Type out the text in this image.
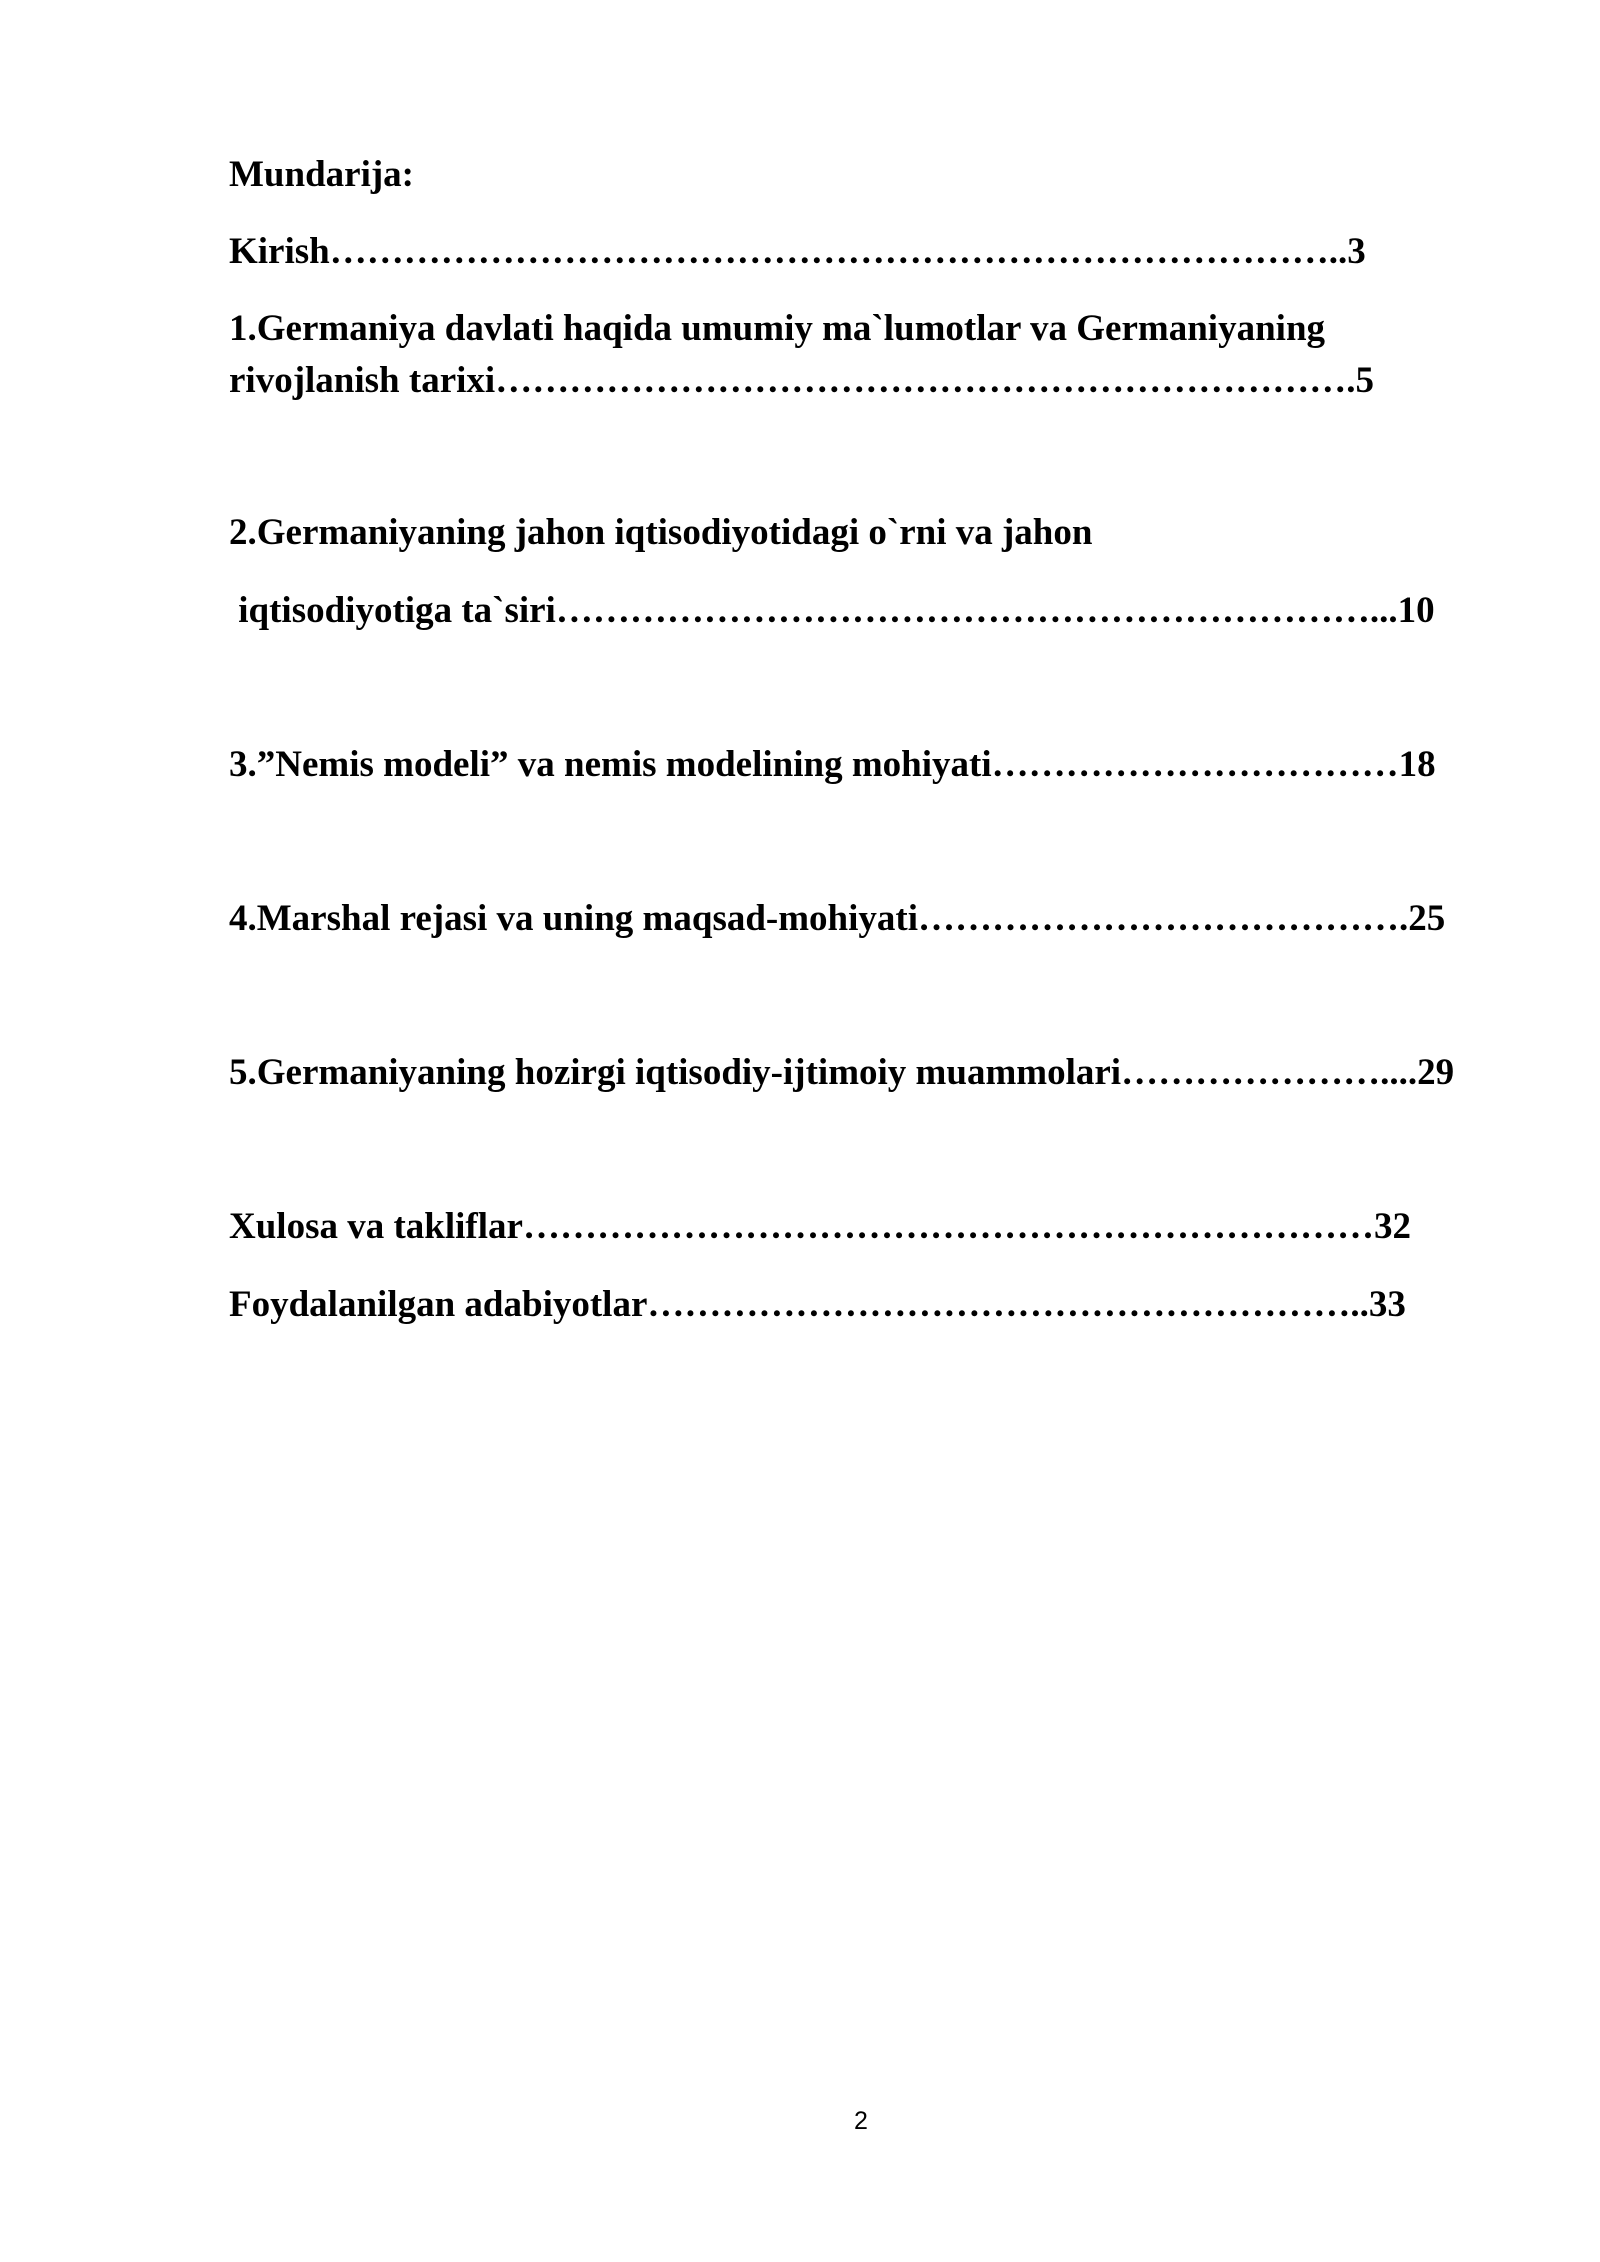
Mundarija:

Kirish………………………………………………………………………..3

1.Germaniya davlati haqida umumiy ma`lumotlar va Germaniyaning

rivojlanish tarixi…………………………………………………………….5

2.Germaniyaning jahon iqtisodiyotidagi o`rni va jahon

iqtisodiyotiga ta`siri…………………………………………………………...10

3.”Nemis modeli” va nemis modelining mohiyati……………………………18

4.Marshal rejasi va uning maqsad-mohiyati………………………………….25

5.Germaniyaning hozirgi iqtisodiy-ijtimoiy muammolari…………………....29

Xulosa va takliflar……………………………………………………………32

Foydalanilgan adabiyotlar…………………………………………………..33

2
